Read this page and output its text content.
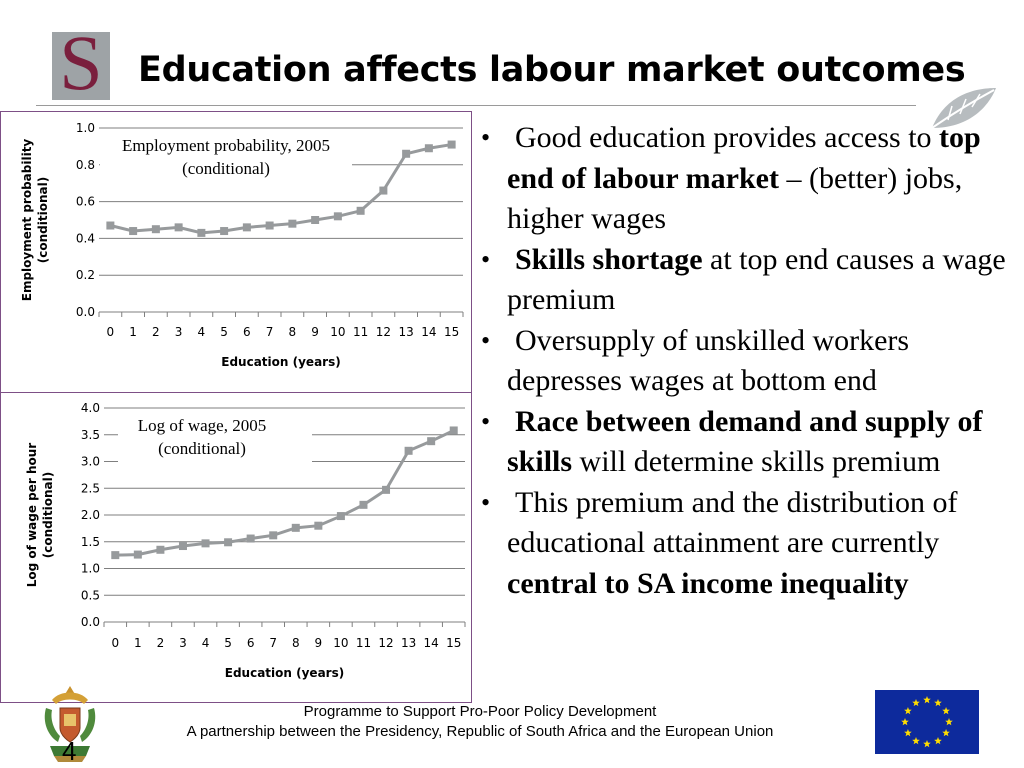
S Education affects labour market outcomes
0.0
0.2
0.4
0.6
0.8
1.0
0 1 2 3 4 5 6 7 8 9 10 11 12 13 14 15
Education (years)
Employment probability (conditional)
Employment probability, 2005 (conditional)
0.0
0.5
1.0
1.5
2.0
2.5
3.0
3.5
4.0
0 1 2 3 4 5 6 7 8 9 10 11 12 13 14 15
Education (years)
Log of wage per hour (conditional)
Log of wage, 2005 (conditional)
• Good education provides access to top end of labour market – (better) jobs, higher wages
• Skills shortage at top end causes a wage premium
• Oversupply of unskilled workers depresses wages at bottom end
• Race between demand and supply of skills will determine skills premium
• This premium and the distribution of educational attainment are currently central to SA income inequality
4
Programme to Support Pro-Poor Policy Development
A partnership between the Presidency, Republic of South Africa and the European Union
